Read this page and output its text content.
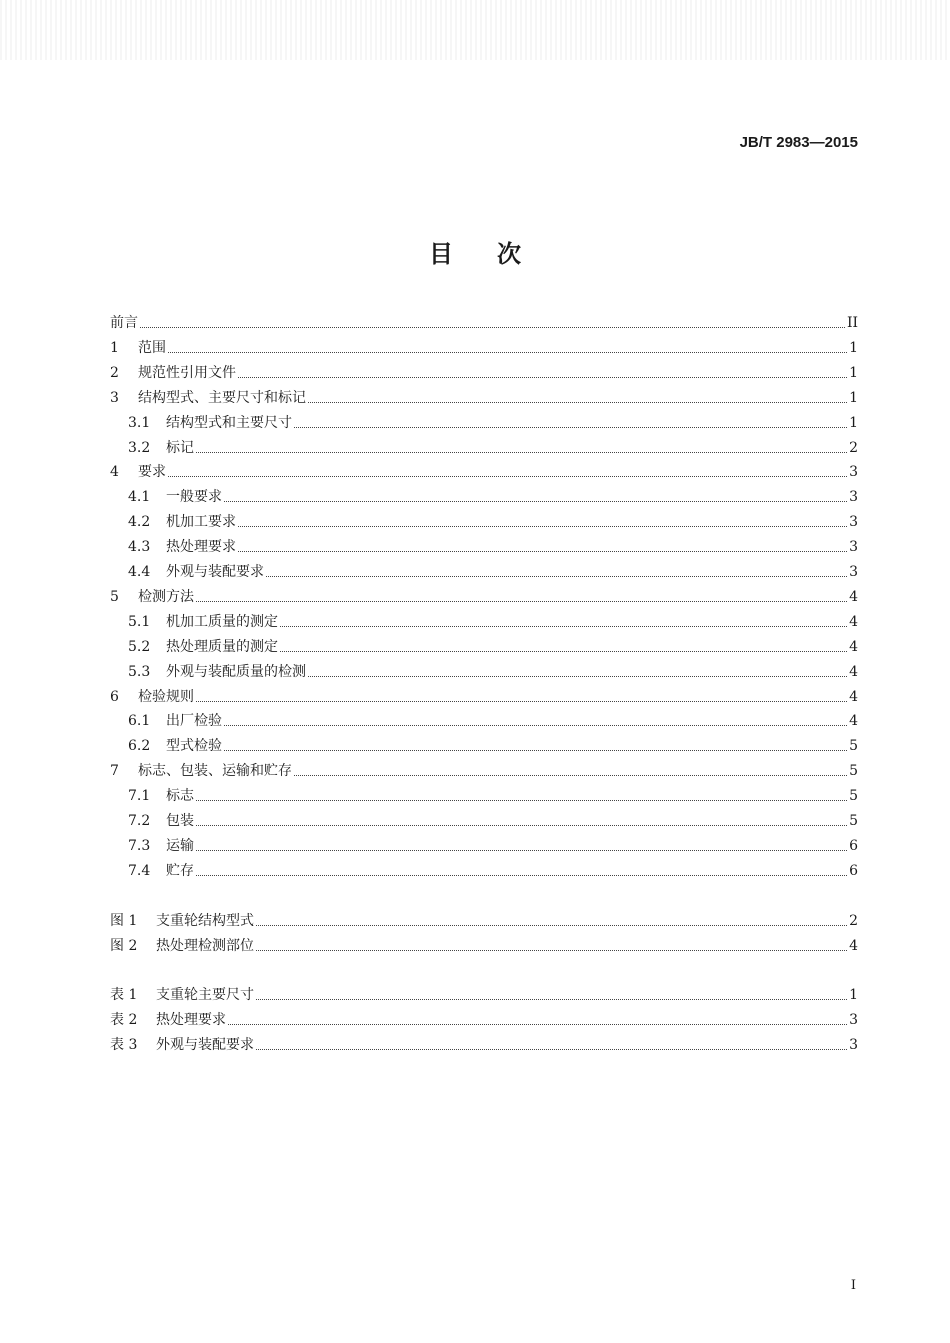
JB/T 2983—2015
目次
前言	II
1	范围	1
2	规范性引用文件	1
3	结构型式、主要尺寸和标记	1
3.1	结构型式和主要尺寸	1
3.2	标记	2
4	要求	3
4.1	一般要求	3
4.2	机加工要求	3
4.3	热处理要求	3
4.4	外观与装配要求	3
5	检测方法	4
5.1	机加工质量的测定	4
5.2	热处理质量的测定	4
5.3	外观与装配质量的检测	4
6	检验规则	4
6.1	出厂检验	4
6.2	型式检验	5
7	标志、包装、运输和贮存	5
7.1	标志	5
7.2	包装	5
7.3	运输	6
7.4	贮存	6
图 1	支重轮结构型式	2
图 2	热处理检测部位	4
表 1	支重轮主要尺寸	1
表 2	热处理要求	3
表 3	外观与装配要求	3
I
